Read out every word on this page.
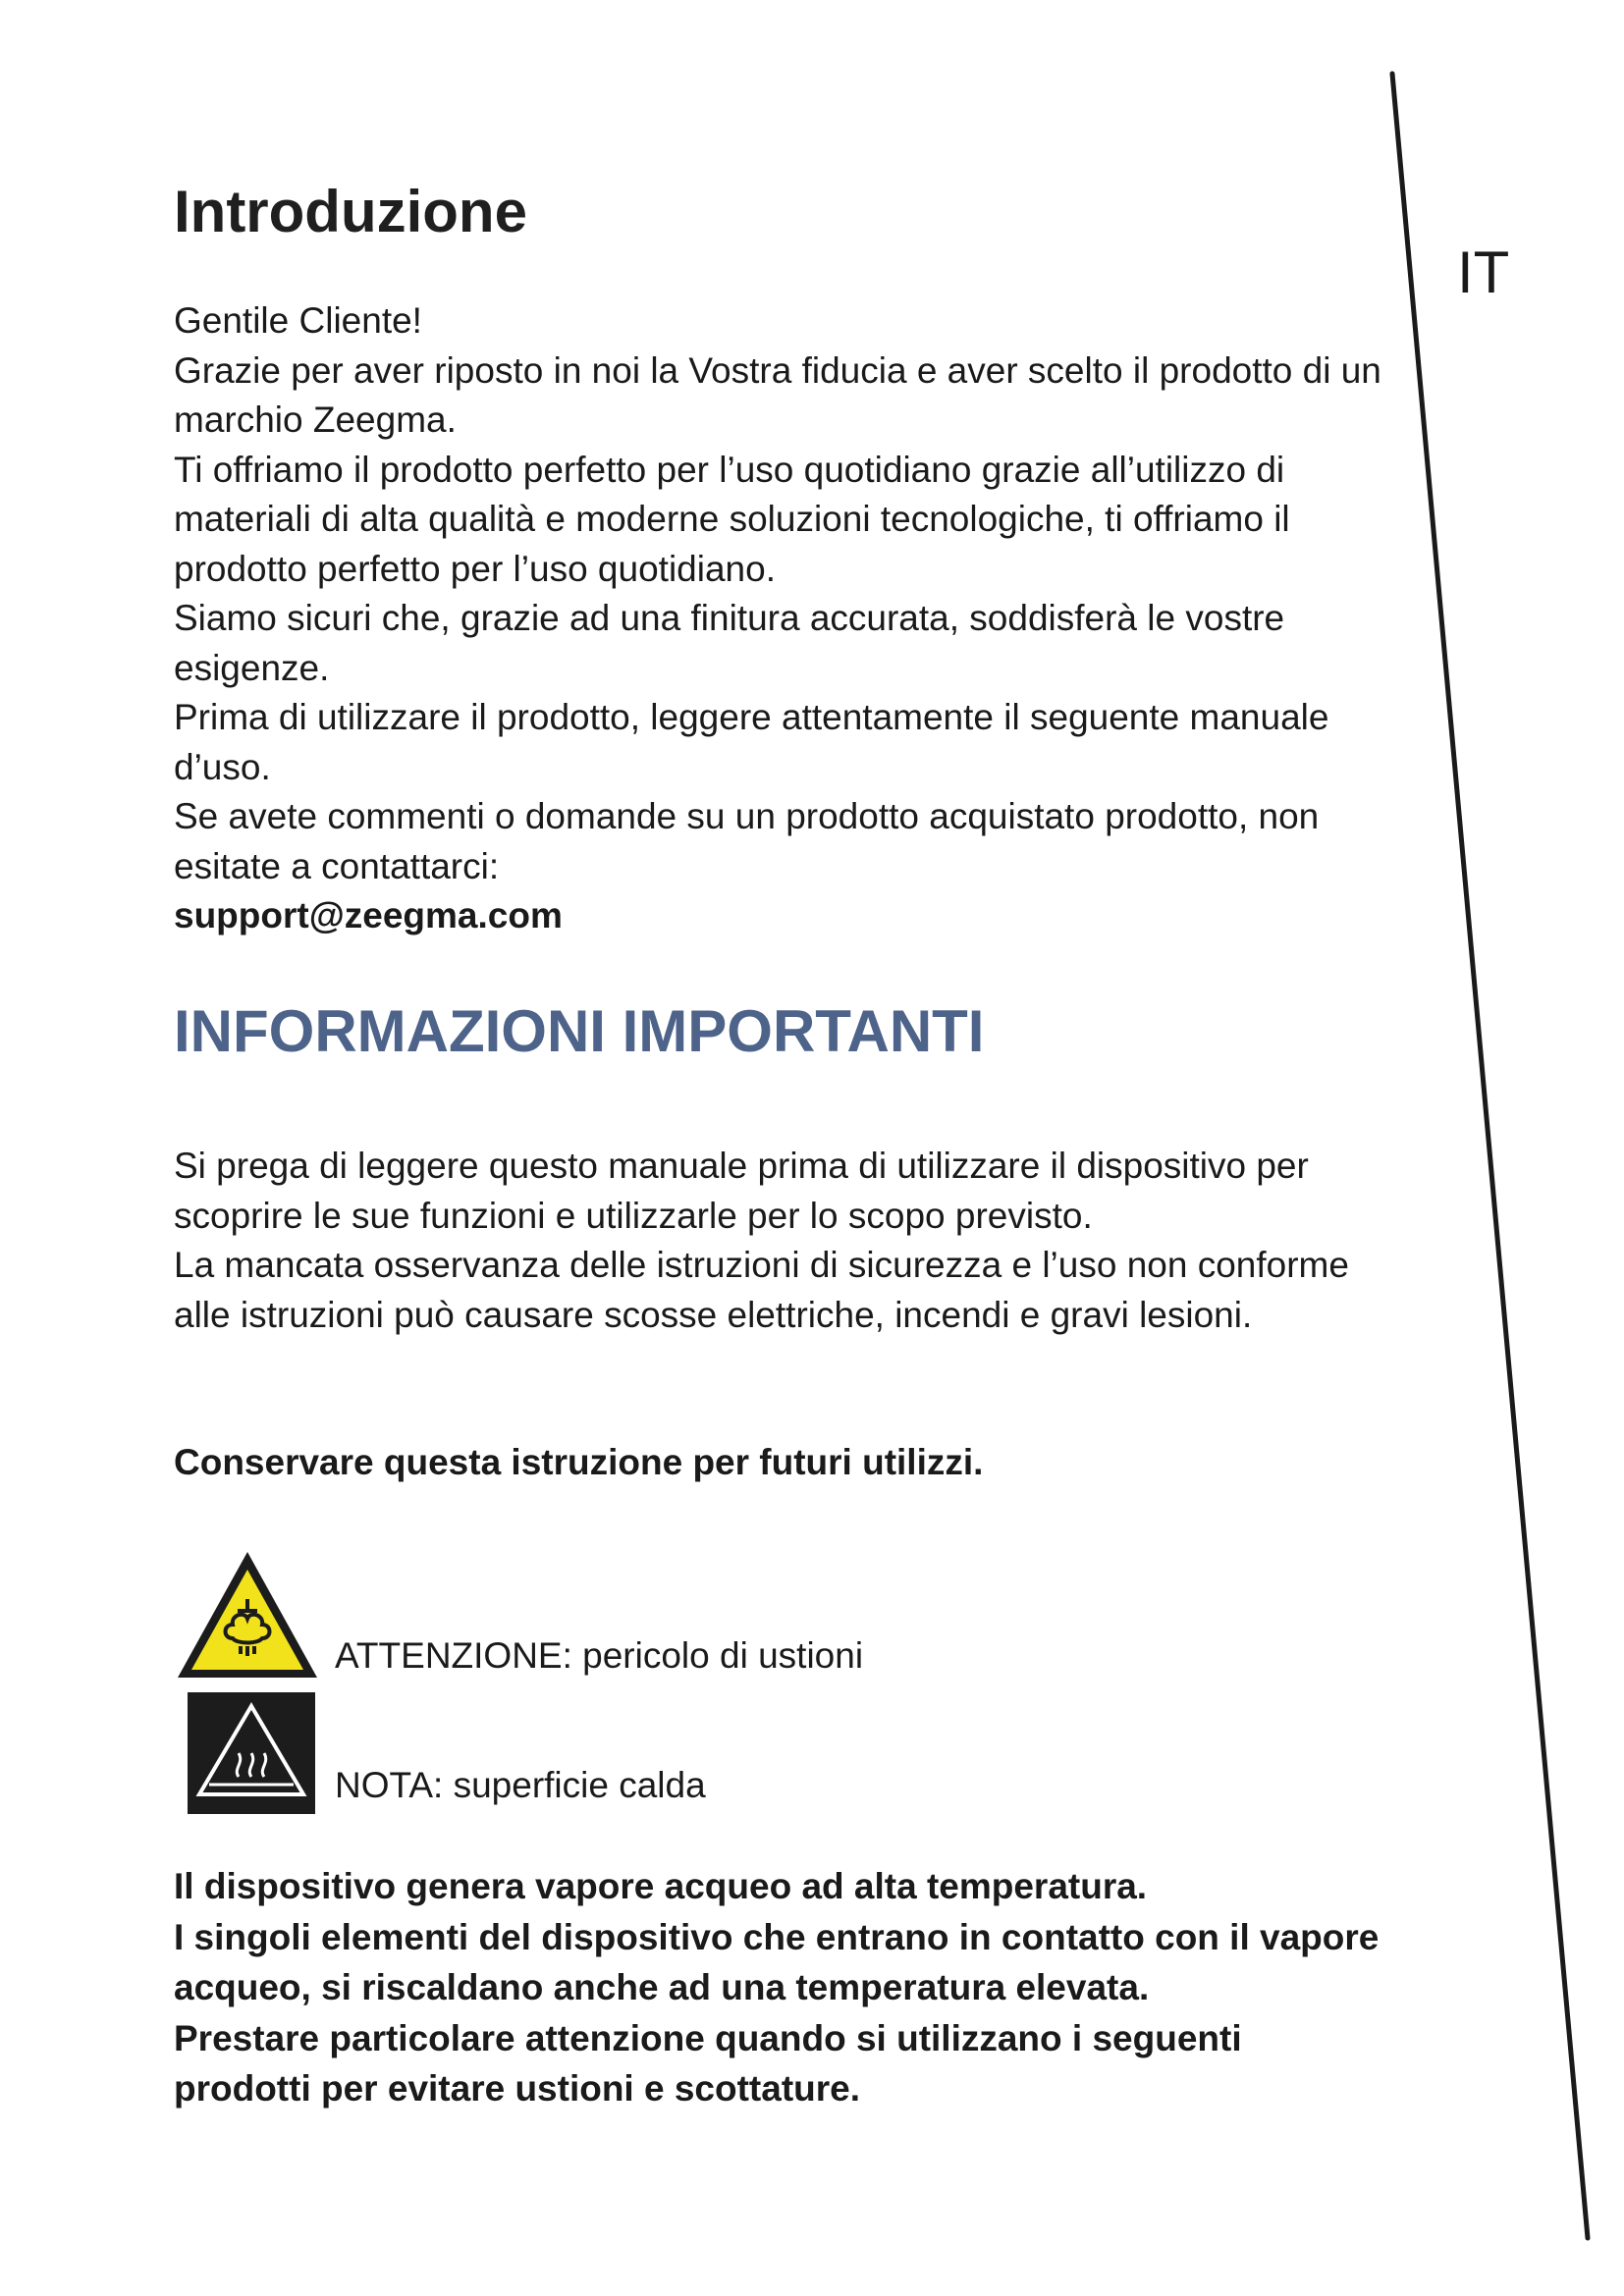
IT
Introduzione

Gentile Cliente!

Grazie per aver riposto in noi la Vostra fiducia e aver scelto il prodotto di un marchio Zeegma.

Ti offriamo il prodotto perfetto per l’uso quotidiano grazie all’utilizzo di materiali di alta qualità e moderne soluzioni tecnologiche, ti offriamo il prodotto perfetto per l’uso quotidiano.

Siamo sicuri che, grazie ad una finitura accurata, soddisferà le vostre esigenze.

Prima di utilizzare il prodotto, leggere attentamente il seguente manuale d’uso.

Se avete commenti o domande su un prodotto acquistato prodotto, non esitate a contattarci:

support@zeegma.com

INFORMAZIONI IMPORTANTI

Si prega di leggere questo manuale prima di utilizzare il dispositivo per scoprire le sue funzioni e utilizzarle per lo scopo previsto.

La mancata osservanza delle istruzioni di sicurezza e l’uso non conforme alle istruzioni può causare scosse elettriche, incendi e gravi lesioni.

Conservare questa istruzione per futuri utilizzi.
ATTENZIONE: pericolo di ustioni
NOTA: superficie calda

Il dispositivo genera vapore acqueo ad alta temperatura.

I singoli elementi del dispositivo che entrano in contatto con il vapore acqueo, si riscaldano anche ad una temperatura elevata.

Prestare particolare attenzione quando si utilizzano i seguenti prodotti per evitare ustioni e scottature.
